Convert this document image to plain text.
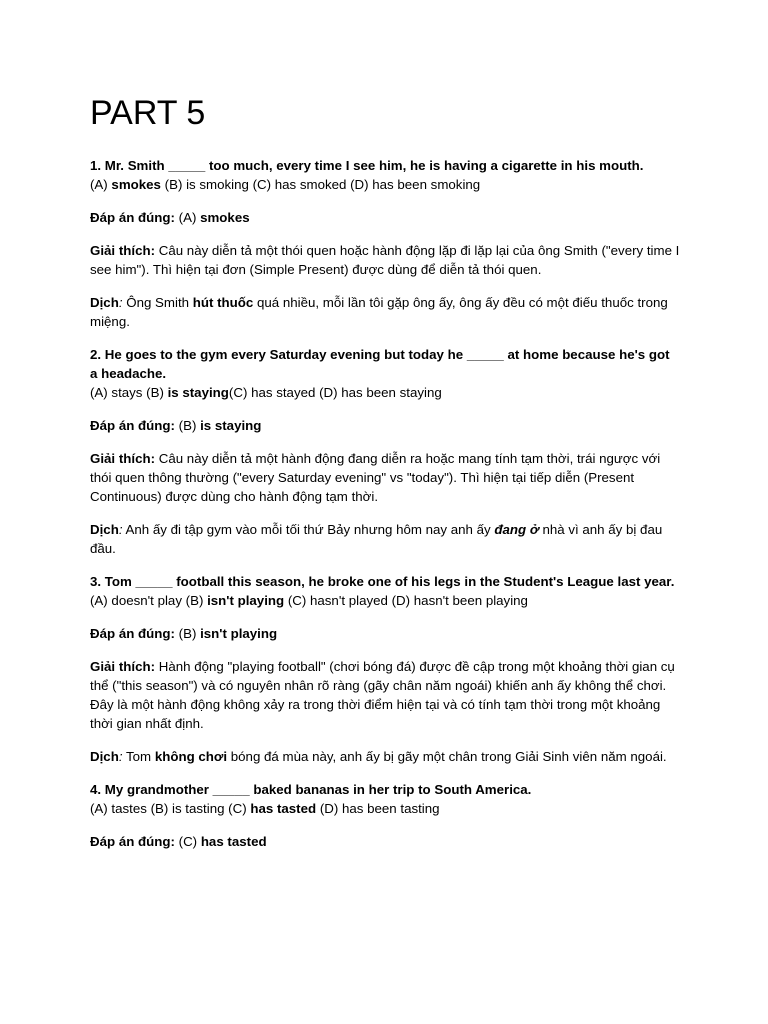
PART 5
1. Mr. Smith _____ too much, every time I see him, he is having a cigarette in his mouth.
(A) smokes (B) is smoking (C) has smoked (D) has been smoking
Đáp án đúng: (A) smokes
Giải thích: Câu này diễn tả một thói quen hoặc hành động lặp đi lặp lại của ông Smith ("every time I see him"). Thì hiện tại đơn (Simple Present) được dùng để diễn tả thói quen.
Dịch: Ông Smith hút thuốc quá nhiều, mỗi lần tôi gặp ông ấy, ông ấy đều có một điếu thuốc trong miệng.
2. He goes to the gym every Saturday evening but today he _____ at home because he's got a headache.
(A) stays (B) is staying(C) has stayed (D) has been staying
Đáp án đúng: (B) is staying
Giải thích: Câu này diễn tả một hành động đang diễn ra hoặc mang tính tạm thời, trái ngược với thói quen thông thường ("every Saturday evening" vs "today"). Thì hiện tại tiếp diễn (Present Continuous) được dùng cho hành động tạm thời.
Dịch: Anh ấy đi tập gym vào mỗi tối thứ Bảy nhưng hôm nay anh ấy đang ở nhà vì anh ấy bị đau đầu.
3. Tom _____ football this season, he broke one of his legs in the Student's League last year.
(A) doesn't play (B) isn't playing (C) hasn't played (D) hasn't been playing
Đáp án đúng: (B) isn't playing
Giải thích: Hành động "playing football" (chơi bóng đá) được đề cập trong một khoảng thời gian cụ thể ("this season") và có nguyên nhân rõ ràng (gãy chân năm ngoái) khiến anh ấy không thể chơi. Đây là một hành động không xảy ra trong thời điểm hiện tại và có tính tạm thời trong một khoảng thời gian nhất định.
Dịch: Tom không chơi bóng đá mùa này, anh ấy bị gãy một chân trong Giải Sinh viên năm ngoái.
4. My grandmother _____ baked bananas in her trip to South America.
(A) tastes (B) is tasting (C) has tasted (D) has been tasting
Đáp án đúng: (C) has tasted
